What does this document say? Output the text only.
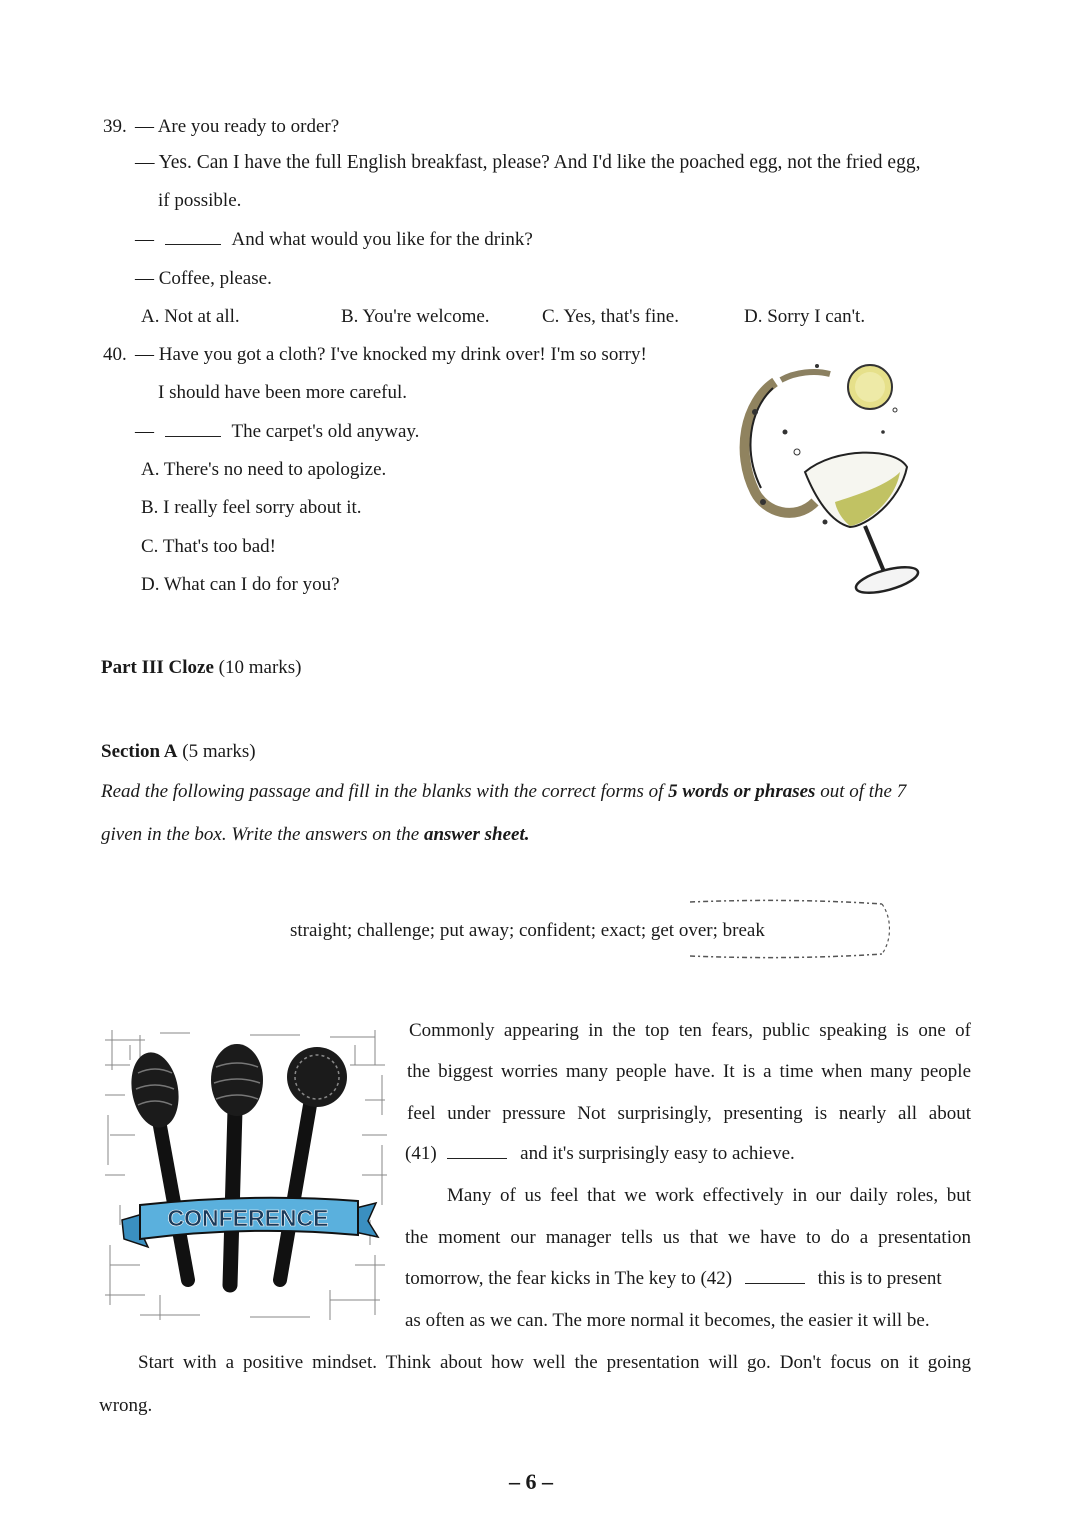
39. — Are you ready to order?
— Yes. Can I have the full English breakfast, please? And I'd like the poached egg, not the fried egg,
if possible.
—	And what would you like for the drink?
— Coffee, please.
A. Not at all.	B. You're welcome.	C. Yes, that's fine.	D. Sorry I can't.
40. — Have you got a cloth? I've knocked my drink over! I'm so sorry!
I should have been more careful.
—	The carpet's old anyway.
A. There's no need to apologize.
B. I really feel sorry about it.
C. That's too bad!
D. What can I do for you?
Part III Cloze (10 marks)
Section A (5 marks)
Read the following passage and fill in the blanks with the correct forms of 5 words or phrases out of the 7
given in the box. Write the answers on the answer sheet.
straight; challenge; put away; confident; exact; get over; break
CONFERENCE
Commonly appearing in the top ten fears, public speaking is one of
the biggest worries many people have. It is a time when many people
feel under pressure Not surprisingly, presenting is nearly all about
(41)	and it's surprisingly easy to achieve.
Many of us feel that we work effectively in our daily roles, but
the moment our manager tells us that we have to do a presentation
tomorrow, the fear kicks in The key to (42)	this is to present
as often as we can. The more normal it becomes, the easier it will be.
Start with a positive mindset. Think about how well the presentation will go. Don't focus on it going
wrong.
– 6 –
